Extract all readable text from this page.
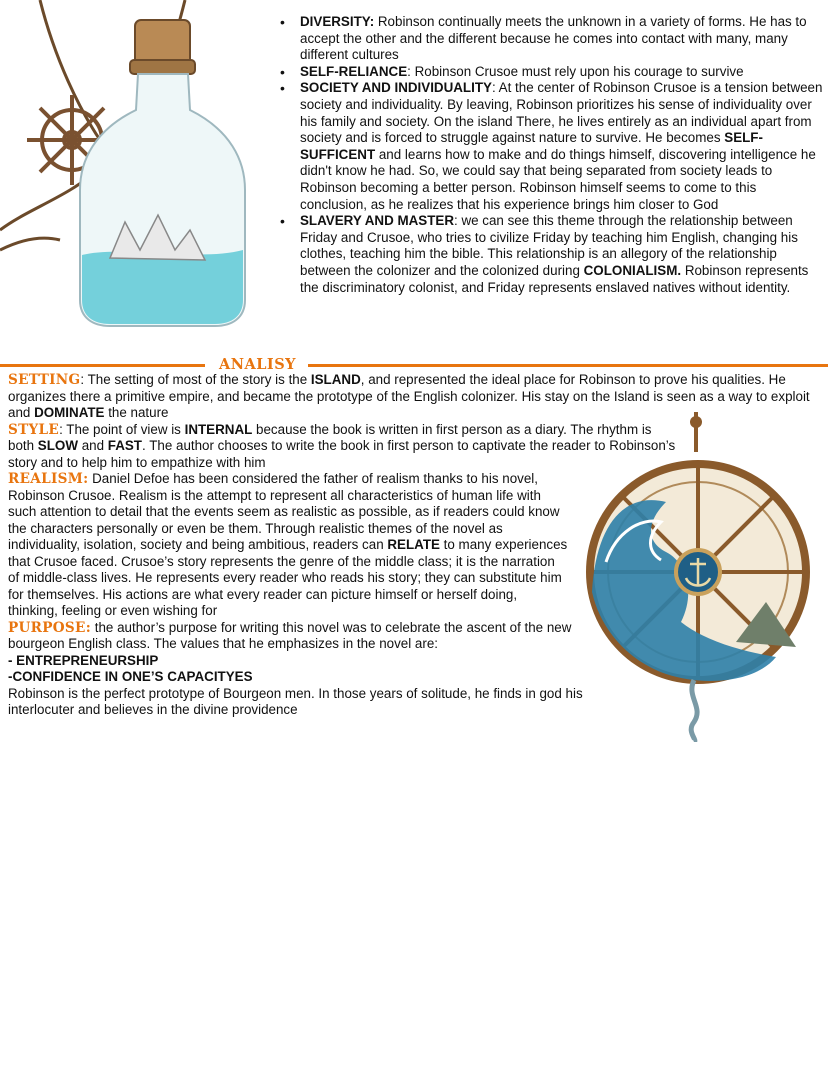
• DIVERSITY: Robinson continually meets the unknown in a variety of forms. He has to accept the other and the different because he comes into contact with many, many different cultures
• SELF-RELIANCE: Robinson Crusoe must rely upon his courage to survive
• SOCIETY AND INDIVIDUALITY: At the center of Robinson Crusoe is a tension between society and individuality. By leaving, Robinson prioritizes his sense of individuality over his family and society. On the island There, he lives entirely as an individual apart from society and is forced to struggle against nature to survive. He becomes SELF-SUFFICENT and learns how to make and do things himself, discovering intelligence he didn't know he had. So, we could say that being separated from society leads to Robinson becoming a better person. Robinson himself seems to come to this conclusion, as he realizes that his experience brings him closer to God
• SLAVERY AND MASTER: we can see this theme through the relationship between Friday and Crusoe, who tries to civilize Friday by teaching him English, changing his clothes, teaching him the bible. This relationship is an allegory of the relationship between the colonizer and the colonized during COLONIALISM. Robinson represents the discriminatory colonist, and Friday represents enslaved natives without identity.
ANALISY

SETTING: The setting of most of the story is the ISLAND, and represented the ideal place for Robinson to prove his qualities. He organizes there a primitive empire, and became the prototype of the English colonizer. His stay on the Island is seen as a way to exploit and DOMINATE the nature

STYLE: The point of view is INTERNAL because the book is written in first person as a diary. The rhythm is both SLOW and FAST. The author chooses to write the book in first person to captivate the reader to Robinson’s story and to help him to empathize with him

REALISM: Daniel Defoe has been considered the father of realism thanks to his novel, Robinson Crusoe. Realism is the attempt to represent all characteristics of human life with such attention to detail that the events seem as realistic as possible, as if readers could know the characters personally or even be them. Through realistic themes of the novel as individuality, isolation, society and being ambitious, readers can RELATE to many experiences that Crusoe faced. Crusoe’s story represents the genre of the middle class; it is the narration of middle-class lives. He represents every reader who reads his story; they can substitute him for themselves. His actions are what every reader can picture himself or herself doing, thinking, feeling or even wishing for

PURPOSE: the author’s purpose for writing this novel was to celebrate the ascent of the new bourgeon English class. The values that he emphasizes in the novel are:

- ENTREPRENEURSHIP

-CONFIDENCE IN ONE’S CAPACITYES

Robinson is the perfect prototype of Bourgeon men. In those years of solitude, he finds in god his interlocuter and believes in the divine providence
